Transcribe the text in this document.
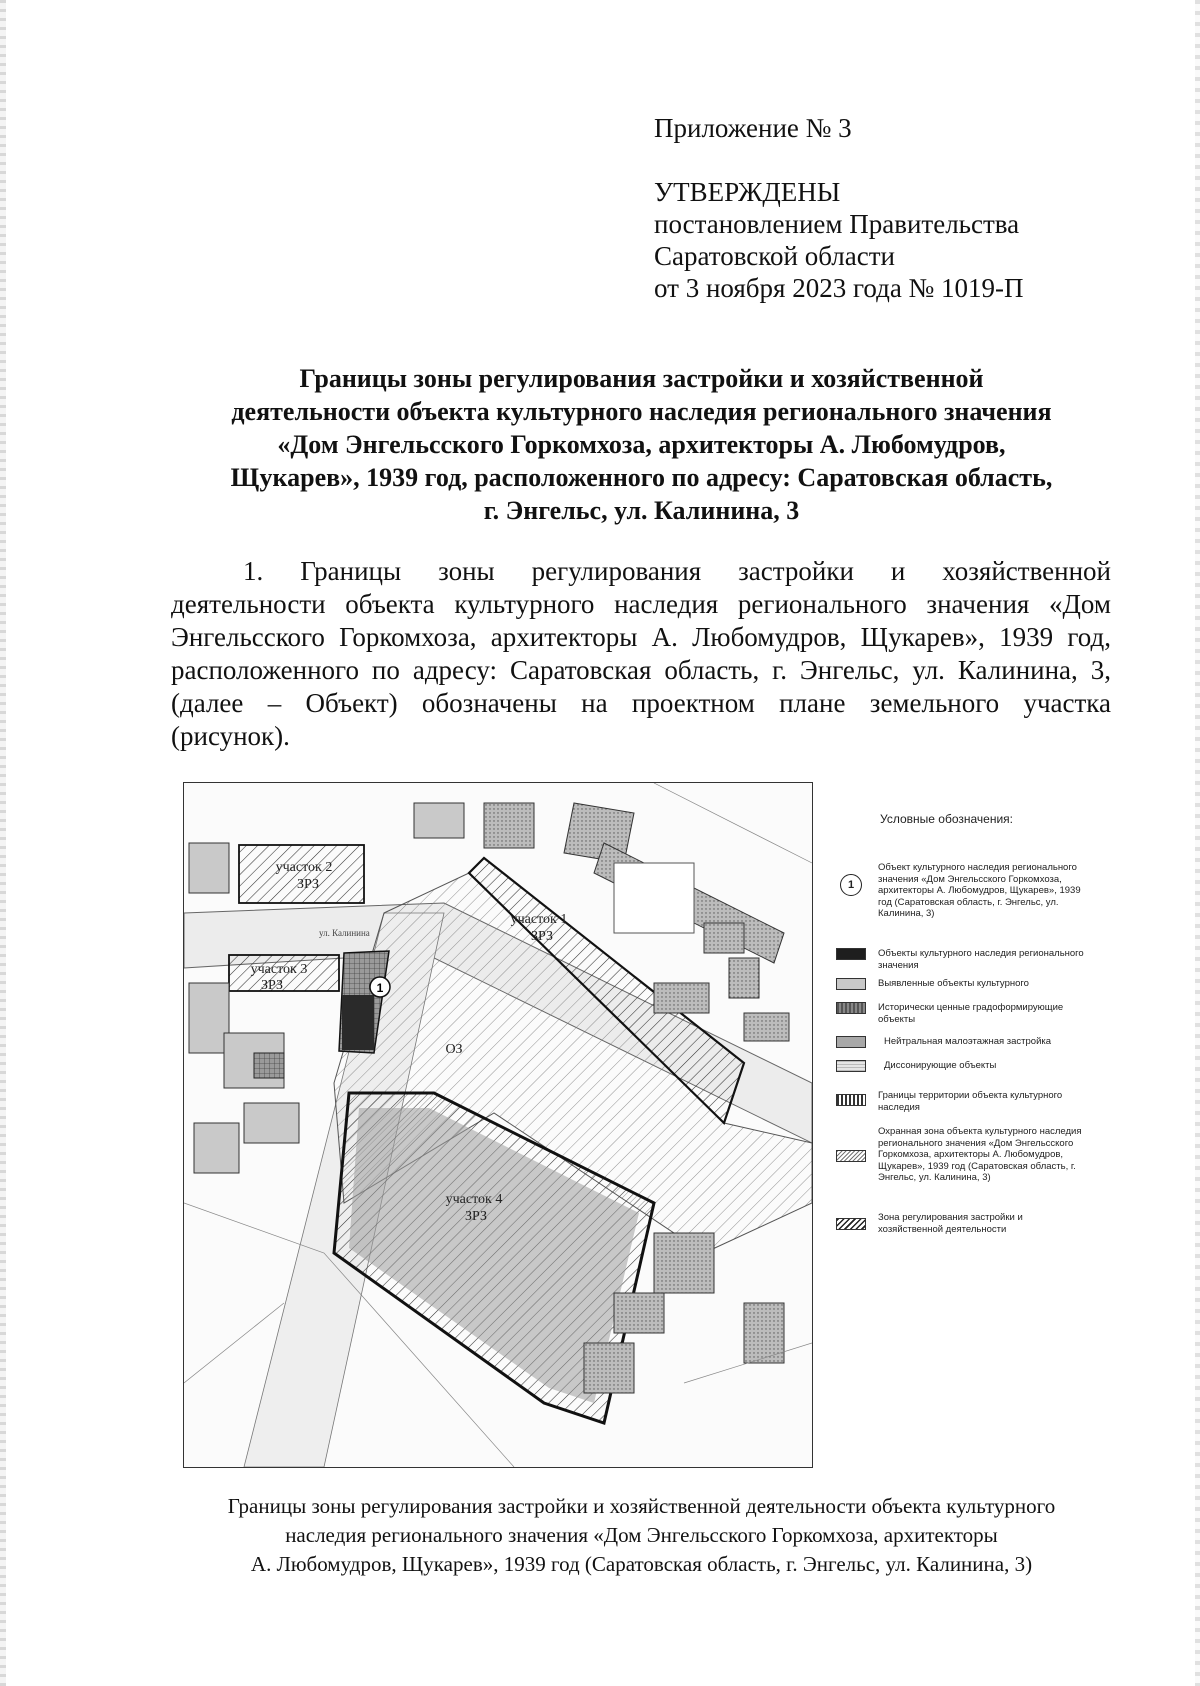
Приложение № 3
УТВЕРЖДЕНЫ
постановлением Правительства
Саратовской области
от 3 ноября 2023 года № 1019-П
Границы зоны регулирования застройки и хозяйственной
деятельности объекта культурного наследия регионального значения
«Дом Энгельсского Горкомхоза, архитекторы А. Любомудров,
Щукарев», 1939 год, расположенного по адресу: Саратовская область,
г. Энгельс, ул. Калинина, 3
1. Границы зоны регулирования застройки и хозяйственной
деятельности объекта культурного наследия регионального значения «Дом
Энгельсского Горкомхоза, архитекторы А. Любомудров, Щукарев», 1939 год,
расположенного по адресу: Саратовская область, г. Энгельс, ул. Калинина, 3,
(далее – Объект) обозначены на проектном плане земельного участка
(рисунок).
участок 1
ЗРЗ
участок 2
ЗРЗ
участок 3
ЗРЗ
участок 4
ЗРЗ
ОЗ
ул. Калинина
1
Условные обозначения:
1
Объект культурного наследия регионального значения «Дом Энгельсского Горкомхоза, архитекторы А. Любомудров, Щукарев», 1939 год (Саратовская область, г. Энгельс, ул. Калинина, 3)
Объекты культурного наследия регионального значения
Выявленные объекты культурного
Исторически ценные градоформирующие объекты
Нейтральная малоэтажная застройка
Диссонирующие объекты
Границы территории объекта культурного наследия
Охранная зона объекта культурного наследия регионального значения «Дом Энгельсского Горкомхоза, архитекторы А. Любомудров, Щукарев», 1939 год (Саратовская область, г. Энгельс, ул. Калинина, 3)
Зона регулирования застройки и хозяйственной деятельности
Границы зоны регулирования застройки и хозяйственной деятельности объекта культурного
наследия регионального значения «Дом Энгельсского Горкомхоза, архитекторы
А. Любомудров, Щукарев», 1939 год (Саратовская область, г. Энгельс, ул. Калинина, 3)
